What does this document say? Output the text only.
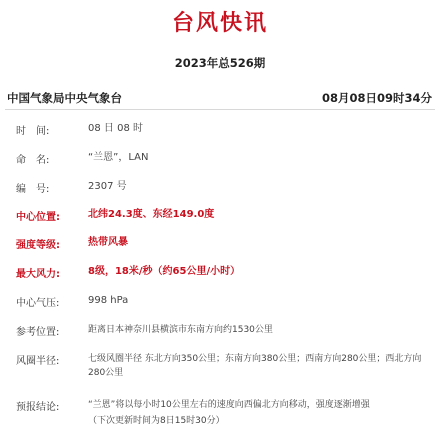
台风快讯
2023年总526期
中国气象局中央气象台	08月08日09时34分
时　间:	08 日 08 时
命　名:	“兰恩”，LAN
编　号:	2307 号
中心位置:	北纬24.3度、东经149.0度
强度等级:	热带风暴
最大风力:	8级，18米/秒（约65公里/小时）
中心气压:	998 hPa
参考位置:	距离日本神奈川县横滨市东南方向约1530公里
风圈半径:	七级风圈半径 东北方向350公里；东南方向380公里；西南方向280公里；西北方向280公里
预报结论:	“兰恩”将以每小时10公里左右的速度向西偏北方向移动，强度逐渐增强
（下次更新时间为8日15时30分）
